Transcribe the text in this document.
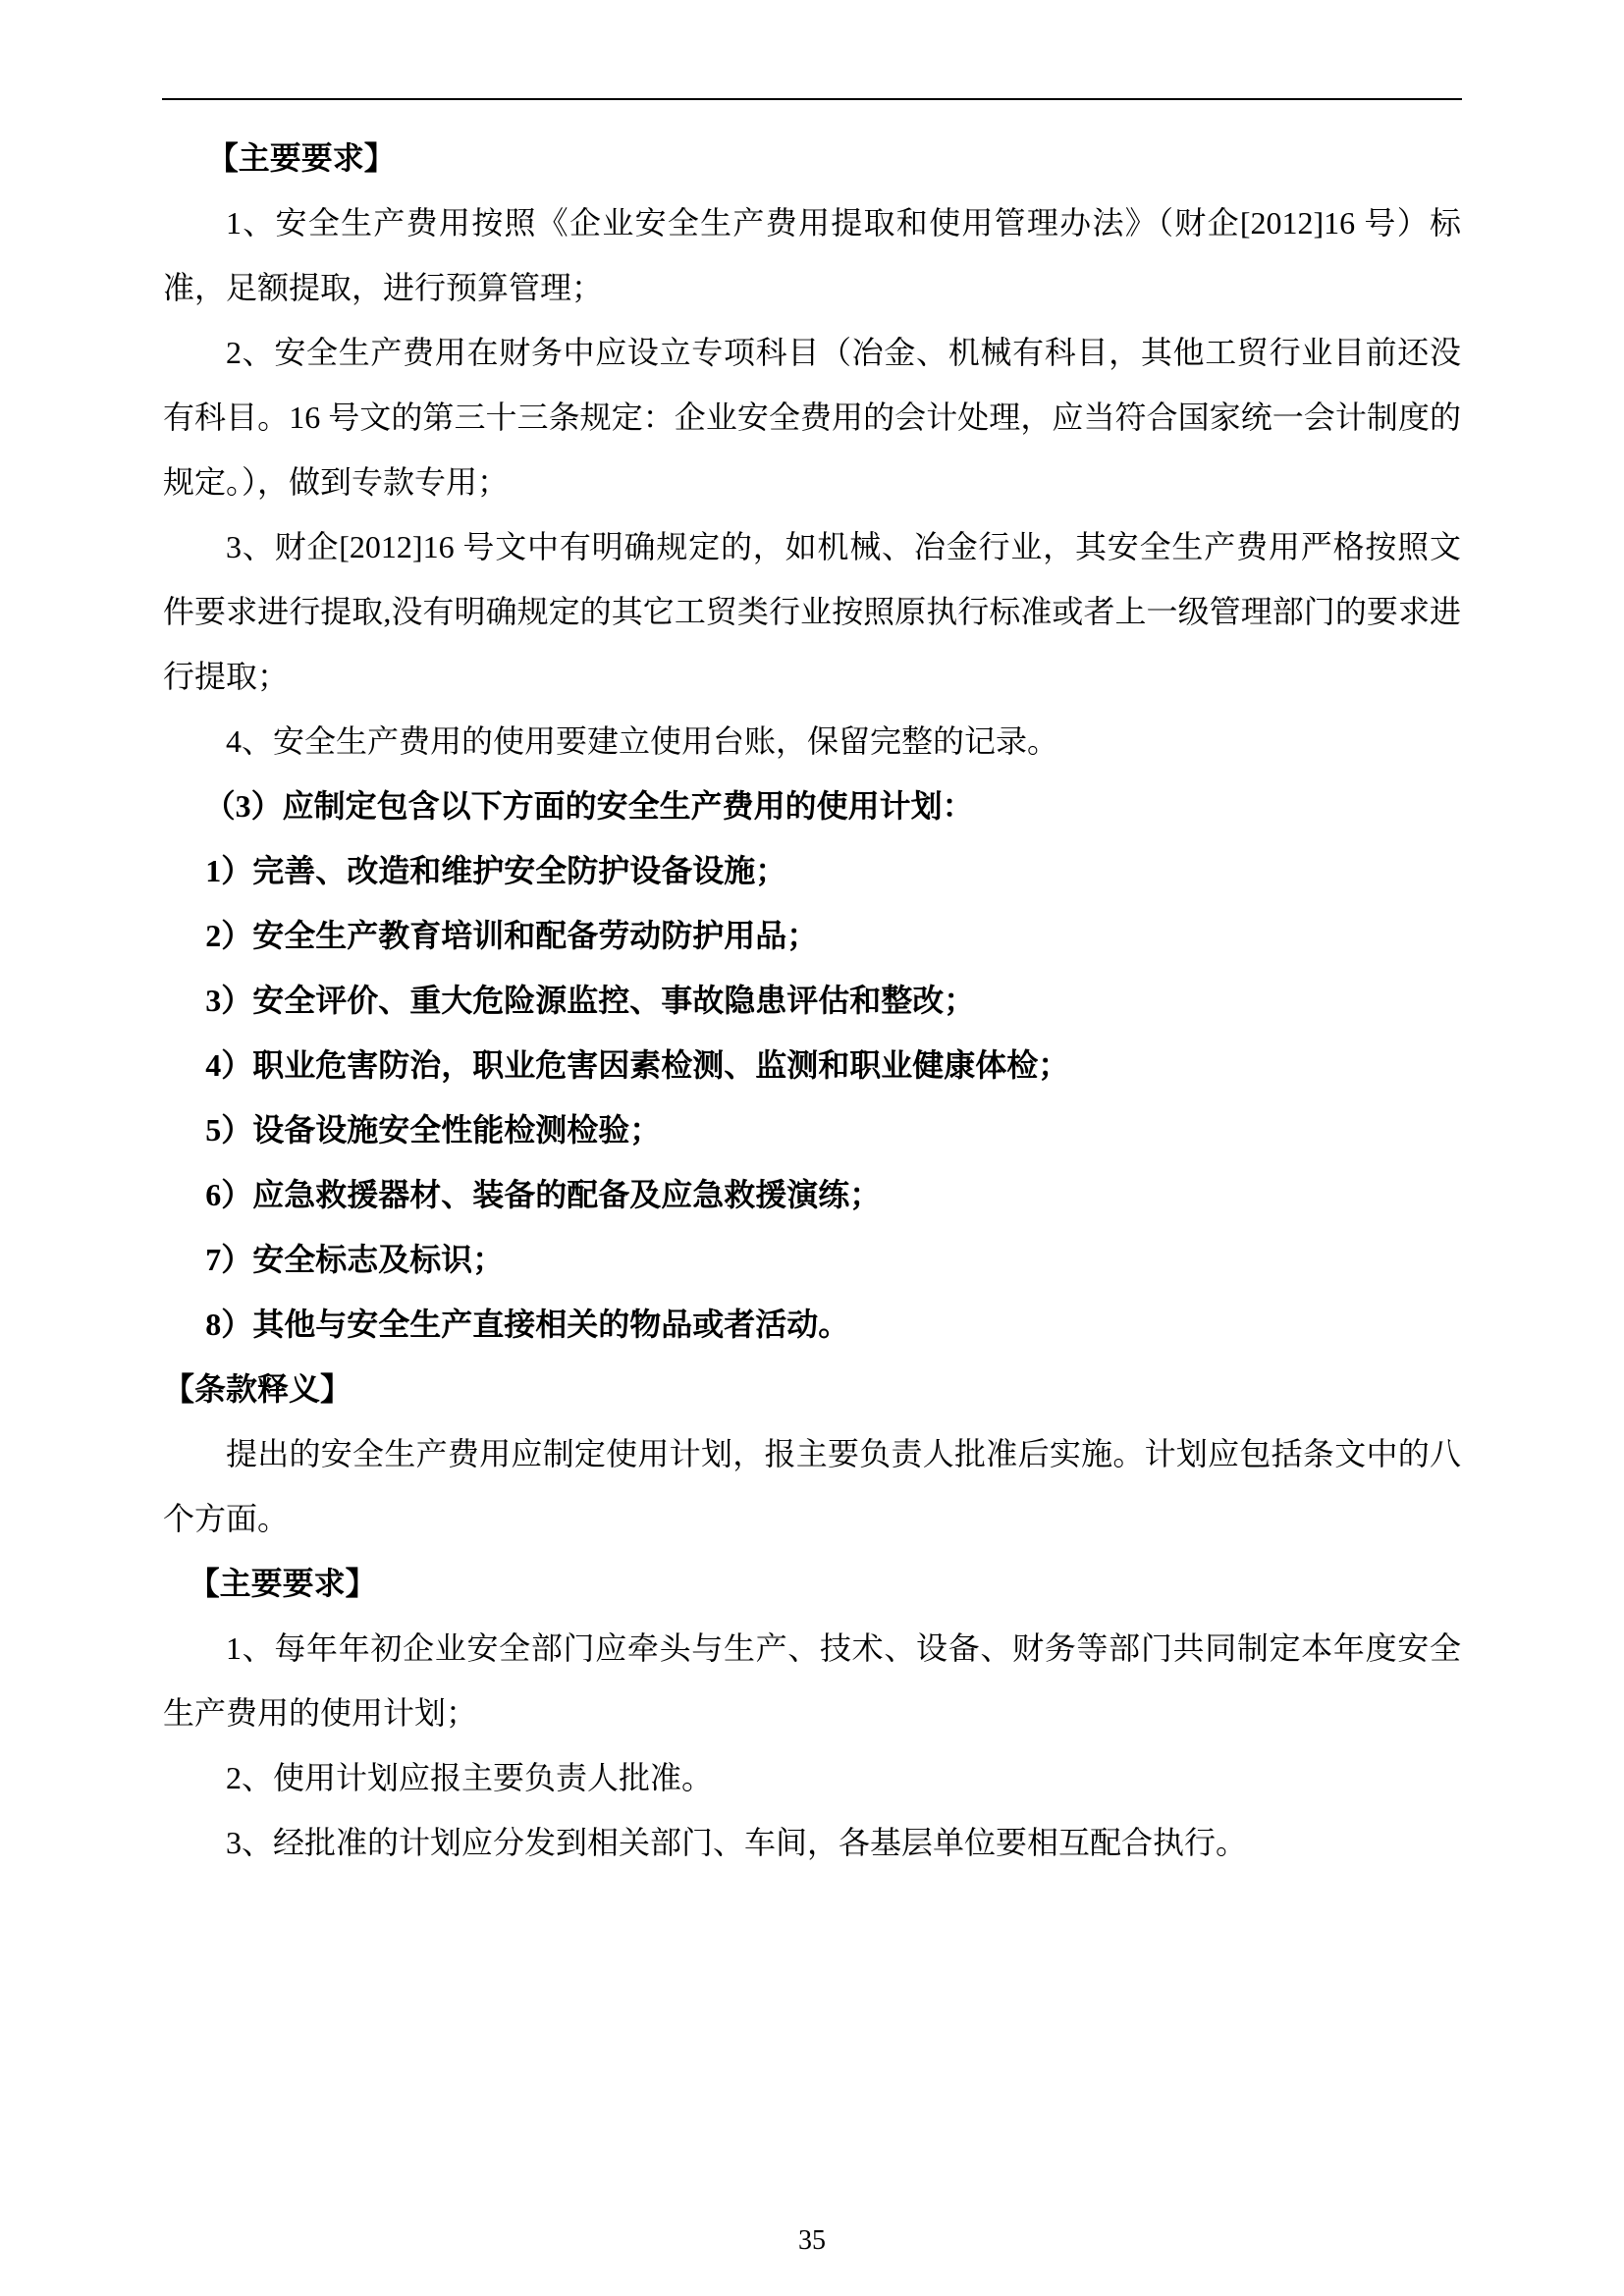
【主要要求】

1、安全生产费用按照《企业安全生产费用提取和使用管理办法》（财企[2012]16 号）标准，足额提取，进行预算管理；

2、安全生产费用在财务中应设立专项科目（冶金、机械有科目，其他工贸行业目前还没有科目。16 号文的第三十三条规定：企业安全费用的会计处理，应当符合国家统一会计制度的规定。），做到专款专用；

3、财企[2012]16 号文中有明确规定的，如机械、冶金行业，其安全生产费用严格按照文件要求进行提取,没有明确规定的其它工贸类行业按照原执行标准或者上一级管理部门的要求进行提取；

4、安全生产费用的使用要建立使用台账，保留完整的记录。

（3）应制定包含以下方面的安全生产费用的使用计划：

1）完善、改造和维护安全防护设备设施；

2）安全生产教育培训和配备劳动防护用品；

3）安全评价、重大危险源监控、事故隐患评估和整改；

4）职业危害防治，职业危害因素检测、监测和职业健康体检；

5）设备设施安全性能检测检验；

6）应急救援器材、装备的配备及应急救援演练；

7）安全标志及标识；

8）其他与安全生产直接相关的物品或者活动。

【条款释义】

提出的安全生产费用应制定使用计划，报主要负责人批准后实施。计划应包括条文中的八个方面。

【主要要求】

1、每年年初企业安全部门应牵头与生产、技术、设备、财务等部门共同制定本年度安全生产费用的使用计划；

2、使用计划应报主要负责人批准。

3、经批准的计划应分发到相关部门、车间，各基层单位要相互配合执行。

35
